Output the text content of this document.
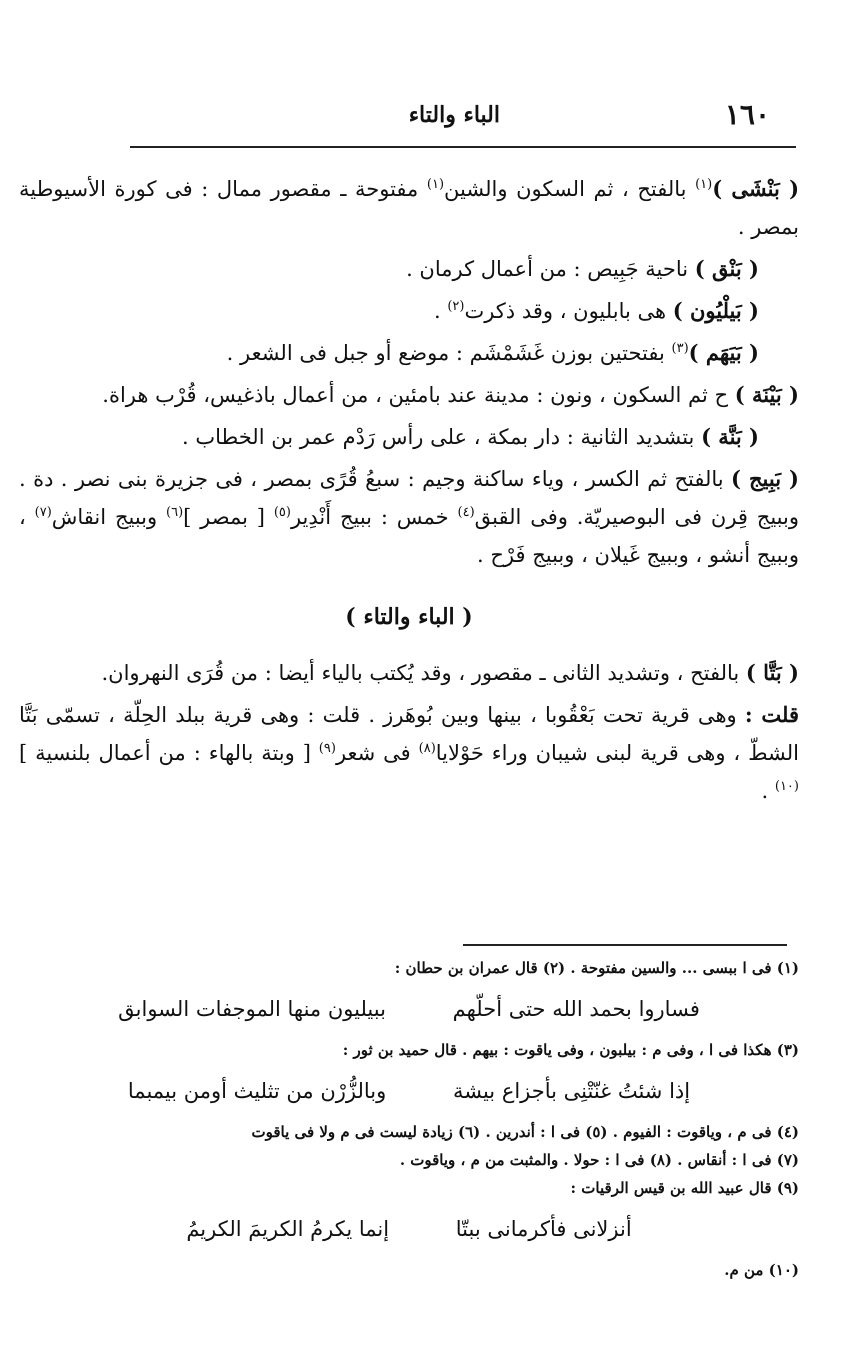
١٦٠
الباء والتاء

( بَنْشَى )$^{(١)}$ بالفتح ، ثم السكون والشين$^{(١)}$ مفتوحة ـ مقصور ممال : فى كورة الأسيوطية بمصر .

( بَنْق ) ناحية جَبِيص : من أعمال كرمان .

( بَيلْيُون ) هى بابليون ، وقد ذكرت$^{(٢)}$ .

( بَيَهَم )$^{(٣)}$ بفتحتين بوزن غَشَمْشَم : موضع أو جبل فى الشعر .

( بَيْنَة ) ح ثم السكون ، ونون : مدينة عند بامئين ، من أعمال باذغيس، قُرْب هراة.

( بَنَّة ) بتشديد الثانية : دار بمكة ، على رأس رَدْم عمر بن الخطاب .

( بَبِيج ) بالفتح ثم الكسر ، وياء ساكنة وجيم : سبعُ قُرًى بمصر ، فى جزيرة بنى نصر . دة . وببيج قِرن فى البوصيريّة. وفى القبق$^{(٤)}$ خمس : ببيج أَنْدِير$^{(٥)}$ [ بمصر ]$^{(٦)}$ وببيج انقاش$^{(٧)}$ ، وببيج أنشو ، وببيج غَيلان ، وببيج فَرْح .

( الباء والتاء )

( بَتَّا ) بالفتح ، وتشديد الثانى ـ مقصور ، وقد يُكتب بالياء أيضا : من قُرَى النهروان.

قلت : وهى قرية تحت بَعْقُوبا ، بينها وبين بُوهَرز . قلت : وهى قرية ببلد الحِلّة ، تسمّى بَتَّا الشطّ ، وهى قرية لبنى شيبان وراء حَوْلايا$^{(٨)}$ فى شعر$^{(٩)}$ [ وبتة بالهاء : من أعمال بلنسية ]$^{(١٠)}$ .

(١) فى ا ببسى ... والسين مفتوحة . (٢) قال عمران بن حطان :

فساروا بحمد الله حتى أحلّهم ببيليون منها الموجفات السوابق

(٣) هكذا فى ا ، وفى م : بيلبون ، وفى ياقوت : بيهم . قال حميد بن ثور :

إذا شئتُ غنّتْنِى بأجزاع بيشة وبالزُّرْن من تثليث أومن بيمبما

(٤) فى م ، وياقوت : الفيوم . (٥) فى ا : أندرين . (٦) زيادة ليست فى م ولا فى ياقوت

(٧) فى ا : أنقاس . (٨) فى ا : حولا . والمثبت من م ، وياقوت .

(٩) قال عبيد الله بن قيس الرقيات :

أنزلانى فأكرمانى ببتّا إنما يكرمُ الكريمَ الكريمُ

(١٠) من م.
